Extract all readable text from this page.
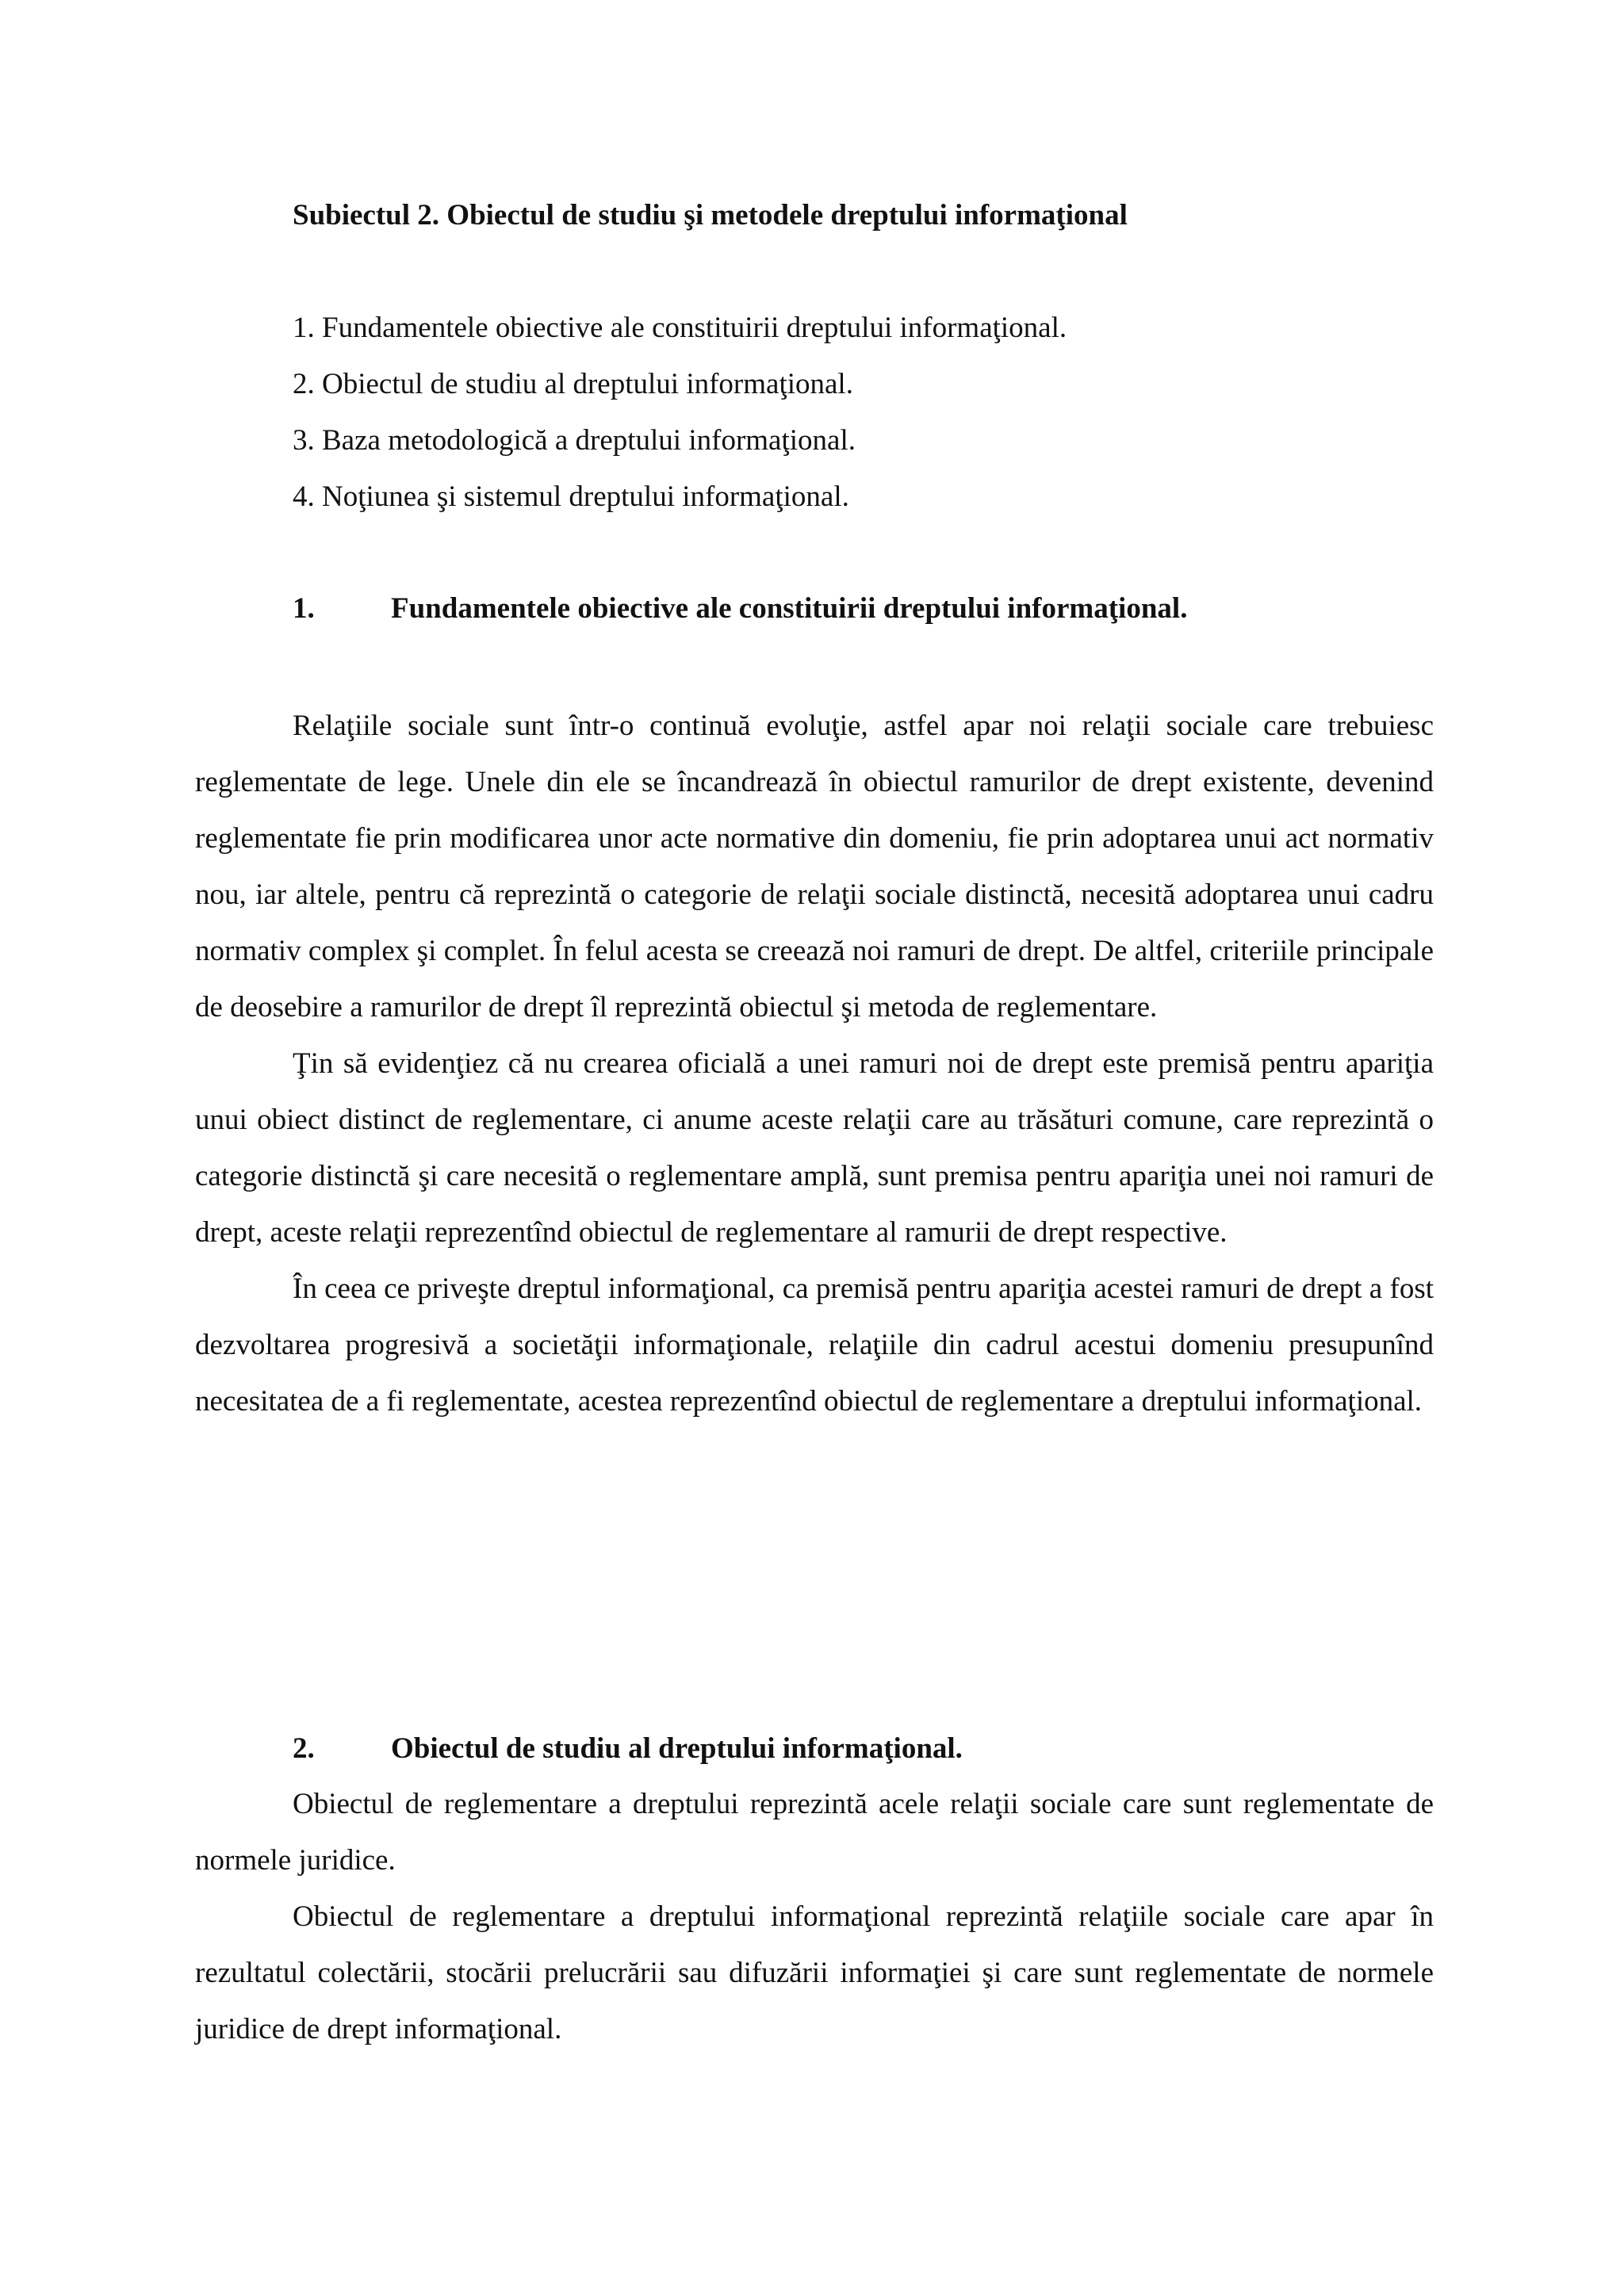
Subiectul 2. Obiectul de studiu şi metodele dreptului informaţional
1. Fundamentele obiective ale constituirii dreptului informaţional.
2. Obiectul de studiu al dreptului informaţional.
3. Baza metodologică a dreptului informaţional.
4. Noţiunea şi sistemul dreptului informaţional.
1.	Fundamentele obiective ale constituirii dreptului informaţional.

Relaţiile sociale sunt într-o continuă evoluţie, astfel apar noi relaţii sociale care trebuiesc reglementate de lege. Unele din ele se încandrează în obiectul ramurilor de drept existente, devenind reglementate fie prin modificarea unor acte normative din domeniu, fie prin adoptarea unui act normativ nou, iar altele, pentru că reprezintă o categorie de relaţii sociale distinctă, necesită adoptarea unui cadru normativ complex şi complet. În felul acesta se creează noi ramuri de drept. De altfel, criteriile principale de deosebire a ramurilor de drept îl reprezintă obiectul şi metoda de reglementare.

Ţin să evidenţiez că nu crearea oficială a unei ramuri noi de drept este premisă pentru apariţia unui obiect distinct de reglementare, ci anume aceste relaţii care au trăsături comune, care reprezintă o categorie distinctă şi care necesită o reglementare amplă, sunt premisa pentru apariţia unei noi ramuri de drept, aceste relaţii reprezentînd obiectul de reglementare al ramurii de drept respective.

În ceea ce priveşte dreptul informaţional, ca premisă pentru apariţia acestei ramuri de drept a fost dezvoltarea progresivă a societăţii informaţionale, relaţiile din cadrul acestui domeniu presupunînd necesitatea de a fi reglementate, acestea reprezentînd obiectul de reglementare a dreptului informaţional.

2.	Obiectul de studiu al dreptului informaţional.

Obiectul de reglementare a dreptului reprezintă acele relaţii sociale care sunt reglementate de normele juridice.

Obiectul de reglementare a dreptului informaţional reprezintă relaţiile sociale care apar în rezultatul colectării, stocării prelucrării sau difuzării informaţiei şi care sunt reglementate de normele juridice de drept informaţional.
